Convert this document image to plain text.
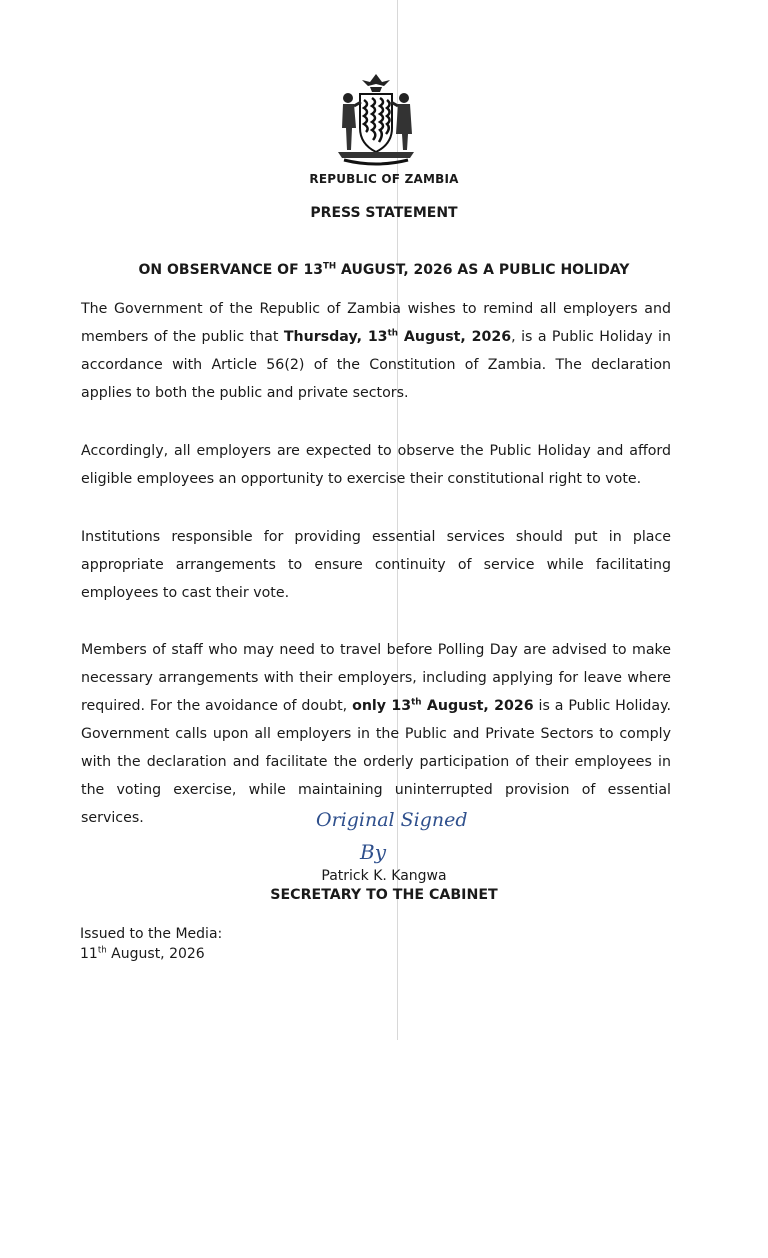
REPUBLIC OF ZAMBIA
PRESS STATEMENT
ON OBSERVANCE OF 13TH AUGUST, 2026 AS A PUBLIC HOLIDAY

The Government of the Republic of Zambia wishes to remind all employers and members of the public that Thursday, 13th August, 2026, is a Public Holiday in accordance with Article 56(2) of the Constitution of Zambia. The declaration applies to both the public and private sectors.

Accordingly, all employers are expected to observe the Public Holiday and afford eligible employees an opportunity to exercise their constitutional right to vote.

Institutions responsible for providing essential services should put in place appropriate arrangements to ensure continuity of service while facilitating employees to cast their vote.

Members of staff who may need to travel before Polling Day are advised to make necessary arrangements with their employers, including applying for leave where required. For the avoidance of doubt, only 13th August, 2026 is a Public Holiday. Government calls upon all employers in the Public and Private Sectors to comply with the declaration and facilitate the orderly participation of their employees in the voting exercise, while maintaining uninterrupted provision of essential services.	Original Signed
By
Patrick K. Kangwa
SECRETARY TO THE CABINET
Issued to the Media:
11th August, 2026
